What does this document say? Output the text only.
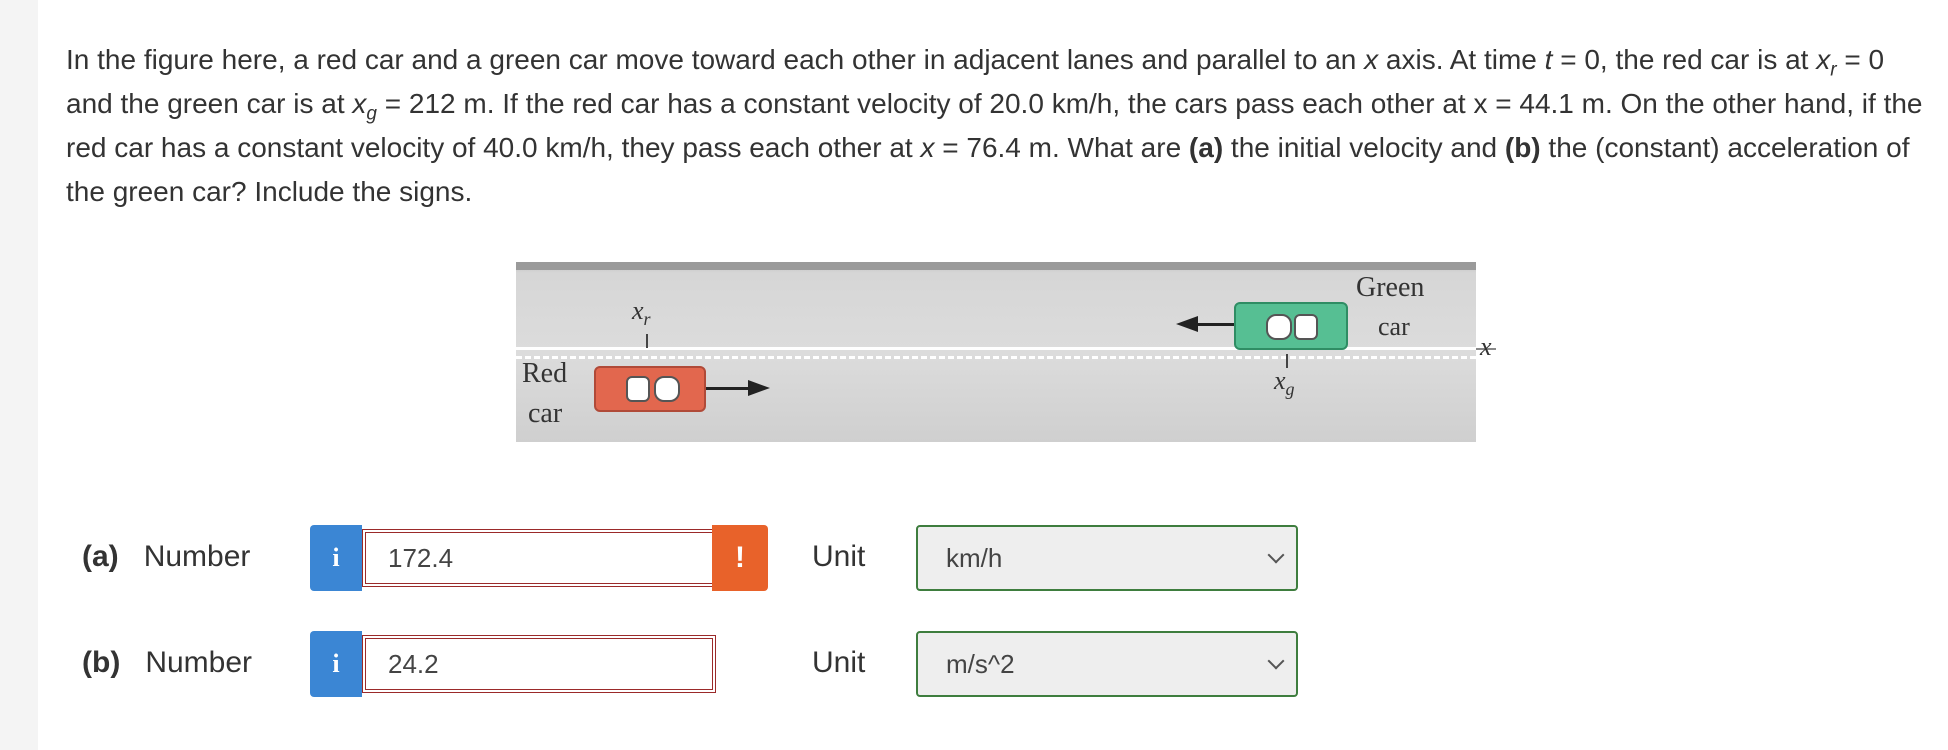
In the figure here, a red car and a green car move toward each other in adjacent lanes and parallel to an x axis. At time t = 0, the red car is at $x_r = 0$ and the green car is at $x_g = 212$ m. If the red car has a constant velocity of 20.0 km/h, the cars pass each other at x = 44.1 m. On the other hand, if the red car has a constant velocity of 40.0 km/h, they pass each other at x = 76.4 m. What are (a) the initial velocity and (b) the (constant) acceleration of the green car? Include the signs.
$x_r$
Red
car
$x_g$
Green
car
x
(a) Number	i 172.4	! Unit	km/h
(b) Number	i 24.2	Unit	m/s^2
